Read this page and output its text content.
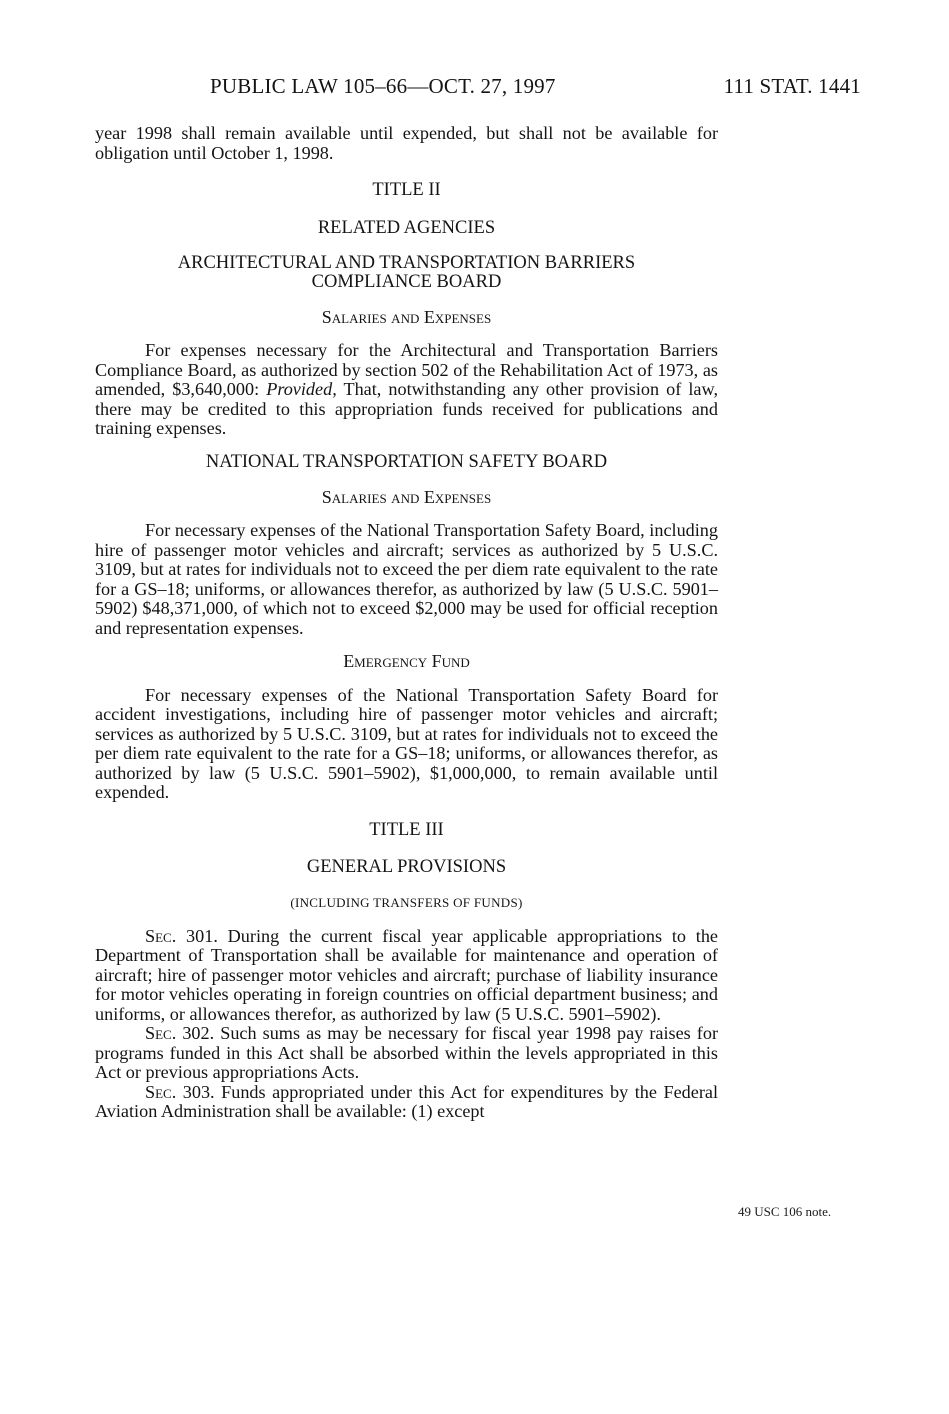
PUBLIC LAW 105–66—OCT. 27, 1997	111 STAT. 1441

year 1998 shall remain available until expended, but shall not be available for obligation until October 1, 1998.

TITLE II

RELATED AGENCIES

ARCHITECTURAL AND TRANSPORTATION BARRIERS
COMPLIANCE BOARD

Salaries and Expenses

For expenses necessary for the Architectural and Transportation Barriers Compliance Board, as authorized by section 502 of the Rehabilitation Act of 1973, as amended, $3,640,000: Provided, That, notwithstanding any other provision of law, there may be credited to this appropriation funds received for publications and training expenses.

NATIONAL TRANSPORTATION SAFETY BOARD

Salaries and Expenses

For necessary expenses of the National Transportation Safety Board, including hire of passenger motor vehicles and aircraft; services as authorized by 5 U.S.C. 3109, but at rates for individuals not to exceed the per diem rate equivalent to the rate for a GS–18; uniforms, or allowances therefor, as authorized by law (5 U.S.C. 5901–5902) $48,371,000, of which not to exceed $2,000 may be used for official reception and representation expenses.

Emergency Fund

For necessary expenses of the National Transportation Safety Board for accident investigations, including hire of passenger motor vehicles and aircraft; services as authorized by 5 U.S.C. 3109, but at rates for individuals not to exceed the per diem rate equivalent to the rate for a GS–18; uniforms, or allowances therefor, as authorized by law (5 U.S.C. 5901–5902), $1,000,000, to remain available until expended.

TITLE III

GENERAL PROVISIONS

(INCLUDING TRANSFERS OF FUNDS)

Sec. 301. During the current fiscal year applicable appropriations to the Department of Transportation shall be available for maintenance and operation of aircraft; hire of passenger motor vehicles and aircraft; purchase of liability insurance for motor vehicles operating in foreign countries on official department business; and uniforms, or allowances therefor, as authorized by law (5 U.S.C. 5901–5902).

Sec. 302. Such sums as may be necessary for fiscal year 1998 pay raises for programs funded in this Act shall be absorbed within the levels appropriated in this Act or previous appropriations Acts.

Sec. 303. Funds appropriated under this Act for expenditures by the Federal Aviation Administration shall be available: (1) except

49 USC 106 note.
